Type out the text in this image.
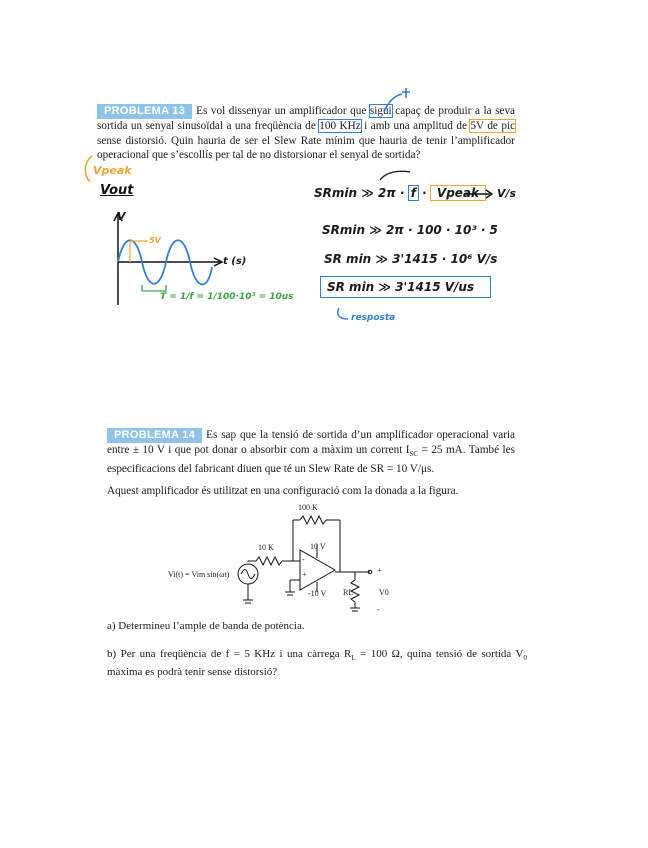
PROBLEMA 13 Es vol dissenyar un amplificador que sigui capaç de produir a la seva sortida un senyal sinusoïdal a una freqüència de 100 KHz i amb una amplitud de 5V de pic sense distorsió. Quin hauria de ser el Slew Rate mínim que hauria de tenir l’amplificador operacional que s’escollís per tal de no distorsionar el senyal de sortida?
Vpeak
Vout
V
t (s)
5V
T = 1/f = 1/100·10³ = 10us
SRmin ≫ 2π · f · Vpeak	V/s
SRmin ≫ 2π · 100 · 10³ · 5
SR min ≫ 3'1415 · 10⁶ V/s
SR min ≫ 3'1415 V/us
resposta
PROBLEMA 14 Es sap que la tensió de sortida d’un amplificador operacional varia entre ± 10 V i que pot donar o absorbir com a màxim un corrent $I_{SC} = 25$ mA. També les especificacions del fabricant diuen que té un Slew Rate de SR = 10 V/μs.
Aquest amplificador és utilitzat en una configuració com la donada a la figura.
100 K
10 K	10 V
-10 V
Vi(t) = Vim sin(ωt)
RL	V0
+
-
-
+
a) Determineu l’ample de banda de potència.
b) Per una freqüència de f = 5 KHz i una càrrega $R_L = 100$ Ω, quina tensió de sortida $V_0$ màxima es podrà tenir sense distorsió?
